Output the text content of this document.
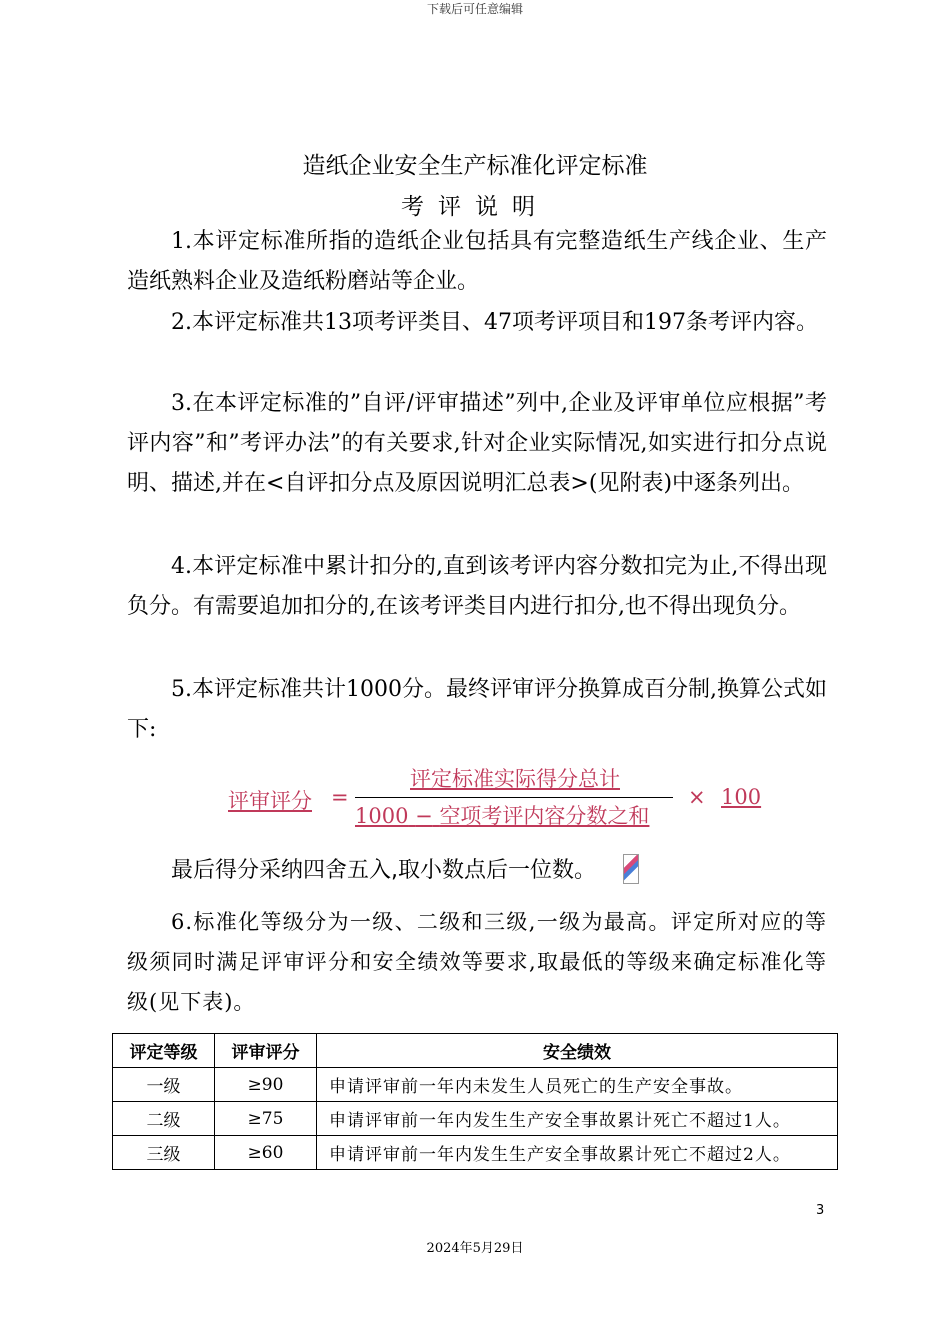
下载后可任意编辑
造纸企业安全生产标准化评定标准
考评说明

1.本评定标准所指的造纸企业包括具有完整造纸生产线企业、生产造纸熟料企业及造纸粉磨站等企业。

2.本评定标准共13项考评类目、47项考评项目和197条考评内容。

3.在本评定标准的”自评/评审描述”列中,企业及评审单位应根据”考评内容”和”考评办法”的有关要求,针对企业实际情况,如实进行扣分点说明、描述,并在<自评扣分点及原因说明汇总表>(见附表)中逐条列出。

4.本评定标准中累计扣分的,直到该考评内容分数扣完为止,不得出现负分。有需要追加扣分的,在该考评类目内进行扣分,也不得出现负分。

5.本评定标准共计1000分。最终评审评分换算成百分制,换算公式如下:

评审评分 =
评定标准实际得分总计
1000 − 空项考评内容分数之和
× 100
最后得分采纳四舍五入,取小数点后一位数。

6.标准化等级分为一级、二级和三级,一级为最高。评定所对应的等级须同时满足评审评分和安全绩效等要求,取最低的等级来确定标准化等级(见下表)。

评定等级	评审评分	安全绩效
一级	≥90	申请评审前一年内未发生人员死亡的生产安全事故。
二级	≥75	申请评审前一年内发生生产安全事故累计死亡不超过1人。
三级	≥60	申请评审前一年内发生生产安全事故累计死亡不超过2人。
3
2024年5月29日
